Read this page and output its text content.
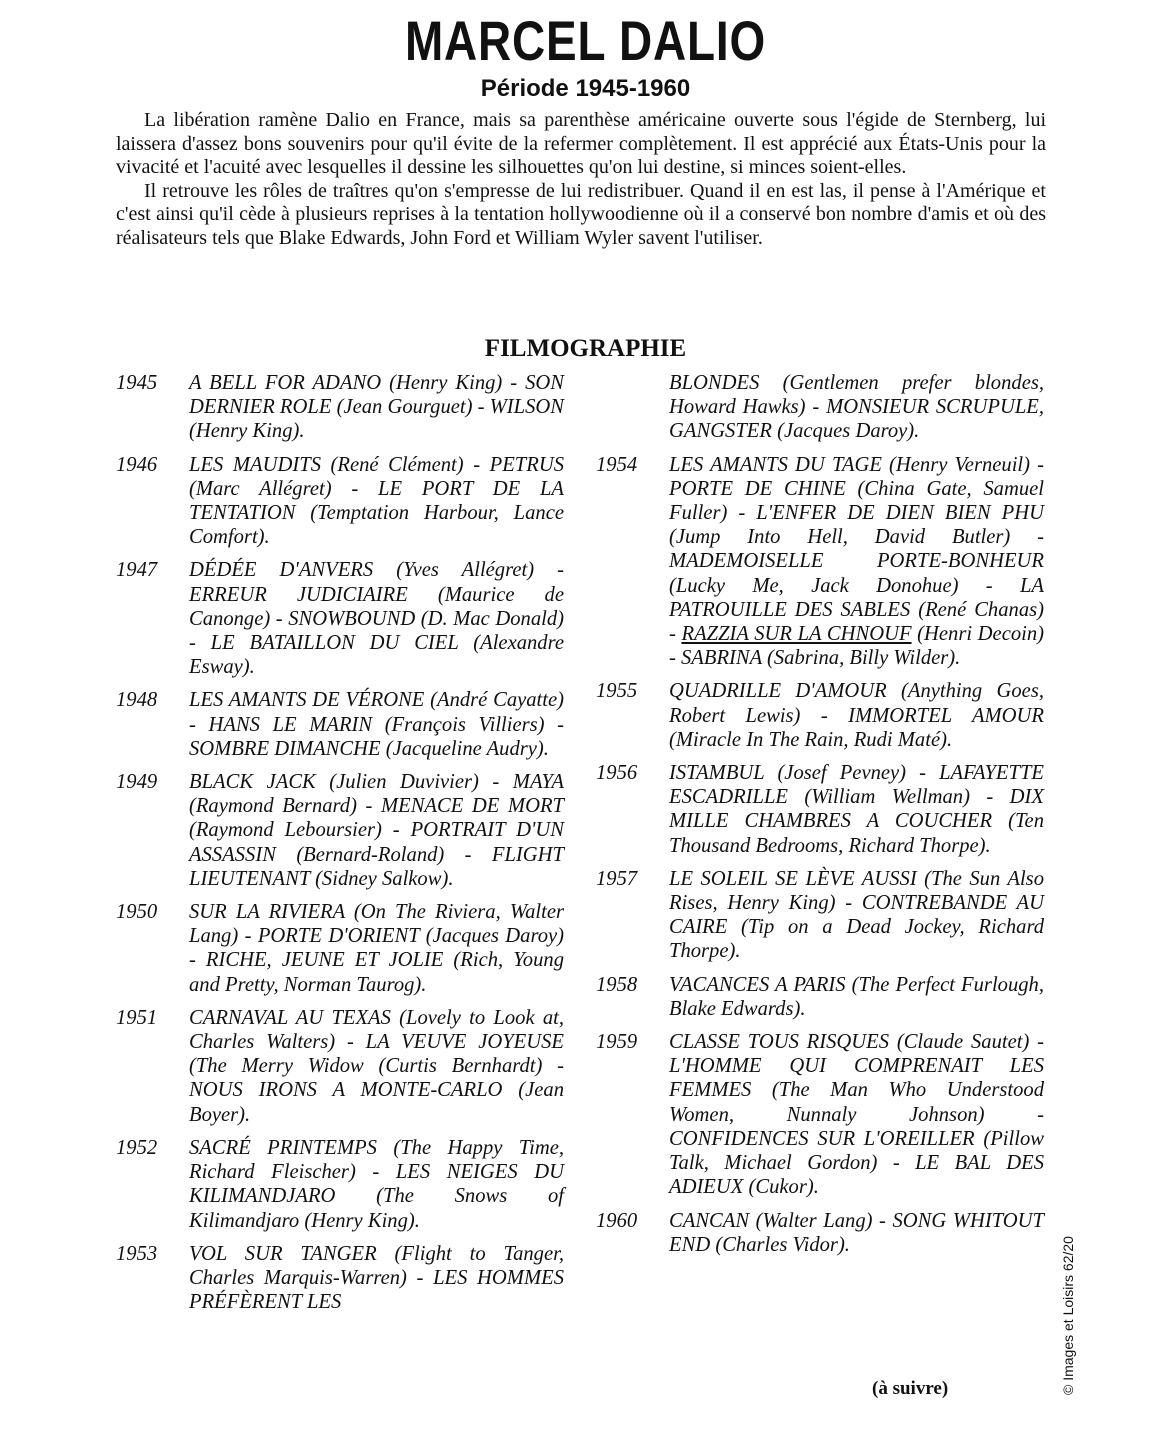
MARCEL DALIO
Période 1945-1960

La libération ramène Dalio en France, mais sa parenthèse américaine ouverte sous l'égide de Sternberg, lui laissera d'assez bons souvenirs pour qu'il évite de la refermer complètement. Il est apprécié aux États-Unis pour la vivacité et l'acuité avec lesquelles il dessine les silhouettes qu'on lui destine, si minces soient-elles.

Il retrouve les rôles de traîtres qu'on s'empresse de lui redistribuer. Quand il en est las, il pense à l'Amérique et c'est ainsi qu'il cède à plusieurs reprises à la tentation hollywoodienne où il a conservé bon nombre d'amis et où des réalisateurs tels que Blake Edwards, John Ford et William Wyler savent l'utiliser.

FILMOGRAPHIE
1945	A BELL FOR ADANO (Henry King) - SON DERNIER ROLE (Jean Gourguet) - WILSON (Henry King).
1946	LES MAUDITS (René Clément) - PETRUS (Marc Allégret) - LE PORT DE LA TENTATION (Temptation Harbour, Lance Comfort).
1947	DÉDÉE D'ANVERS (Yves Allégret) - ERREUR JUDICIAIRE (Maurice de Canonge) - SNOWBOUND (D. Mac Donald) - LE BATAILLON DU CIEL (Alexandre Esway).
1948	LES AMANTS DE VÉRONE (André Cayatte) - HANS LE MARIN (François Villiers) - SOMBRE DIMANCHE (Jacqueline Audry).
1949	BLACK JACK (Julien Duvivier) - MAYA (Raymond Bernard) - MENACE DE MORT (Raymond Leboursier) - PORTRAIT D'UN ASSASSIN (Bernard-Roland) - FLIGHT LIEUTENANT (Sidney Salkow).
1950	SUR LA RIVIERA (On The Riviera, Walter Lang) - PORTE D'ORIENT (Jacques Daroy) - RICHE, JEUNE ET JOLIE (Rich, Young and Pretty, Norman Taurog).
1951	CARNAVAL AU TEXAS (Lovely to Look at, Charles Walters) - LA VEUVE JOYEUSE (The Merry Widow (Curtis Bernhardt) - NOUS IRONS A MONTE-CARLO (Jean Boyer).
1952	SACRÉ PRINTEMPS (The Happy Time, Richard Fleischer) - LES NEIGES DU KILIMANDJARO (The Snows of Kilimandjaro (Henry King).
1953	VOL SUR TANGER (Flight to Tanger, Charles Marquis-Warren) - LES HOMMES PRÉFÈRENT LES
BLONDES (Gentlemen prefer blondes, Howard Hawks) - MONSIEUR SCRUPULE, GANGSTER (Jacques Daroy).
1954	LES AMANTS DU TAGE (Henry Verneuil) - PORTE DE CHINE (China Gate, Samuel Fuller) - L'ENFER DE DIEN BIEN PHU (Jump Into Hell, David Butler) - MADEMOISELLE PORTE-BONHEUR (Lucky Me, Jack Donohue) - LA PATROUILLE DES SABLES (René Chanas) - RAZZIA SUR LA CHNOUF (Henri Decoin) - SABRINA (Sabrina, Billy Wilder).
1955	QUADRILLE D'AMOUR (Anything Goes, Robert Lewis) - IMMORTEL AMOUR (Miracle In The Rain, Rudi Maté).
1956	ISTAMBUL (Josef Pevney) - LAFAYETTE ESCADRILLE (William Wellman) - DIX MILLE CHAMBRES A COUCHER (Ten Thousand Bedrooms, Richard Thorpe).
1957	LE SOLEIL SE LÈVE AUSSI (The Sun Also Rises, Henry King) - CONTREBANDE AU CAIRE (Tip on a Dead Jockey, Richard Thorpe).
1958	VACANCES A PARIS (The Perfect Furlough, Blake Edwards).
1959	CLASSE TOUS RISQUES (Claude Sautet) - L'HOMME QUI COMPRENAIT LES FEMMES (The Man Who Understood Women, Nunnaly Johnson) - CONFIDENCES SUR L'OREILLER (Pillow Talk, Michael Gordon) - LE BAL DES ADIEUX (Cukor).
1960	CANCAN (Walter Lang) - SONG WHITOUT END (Charles Vidor).
(à suivre)	© Images et Loisirs 62/20
